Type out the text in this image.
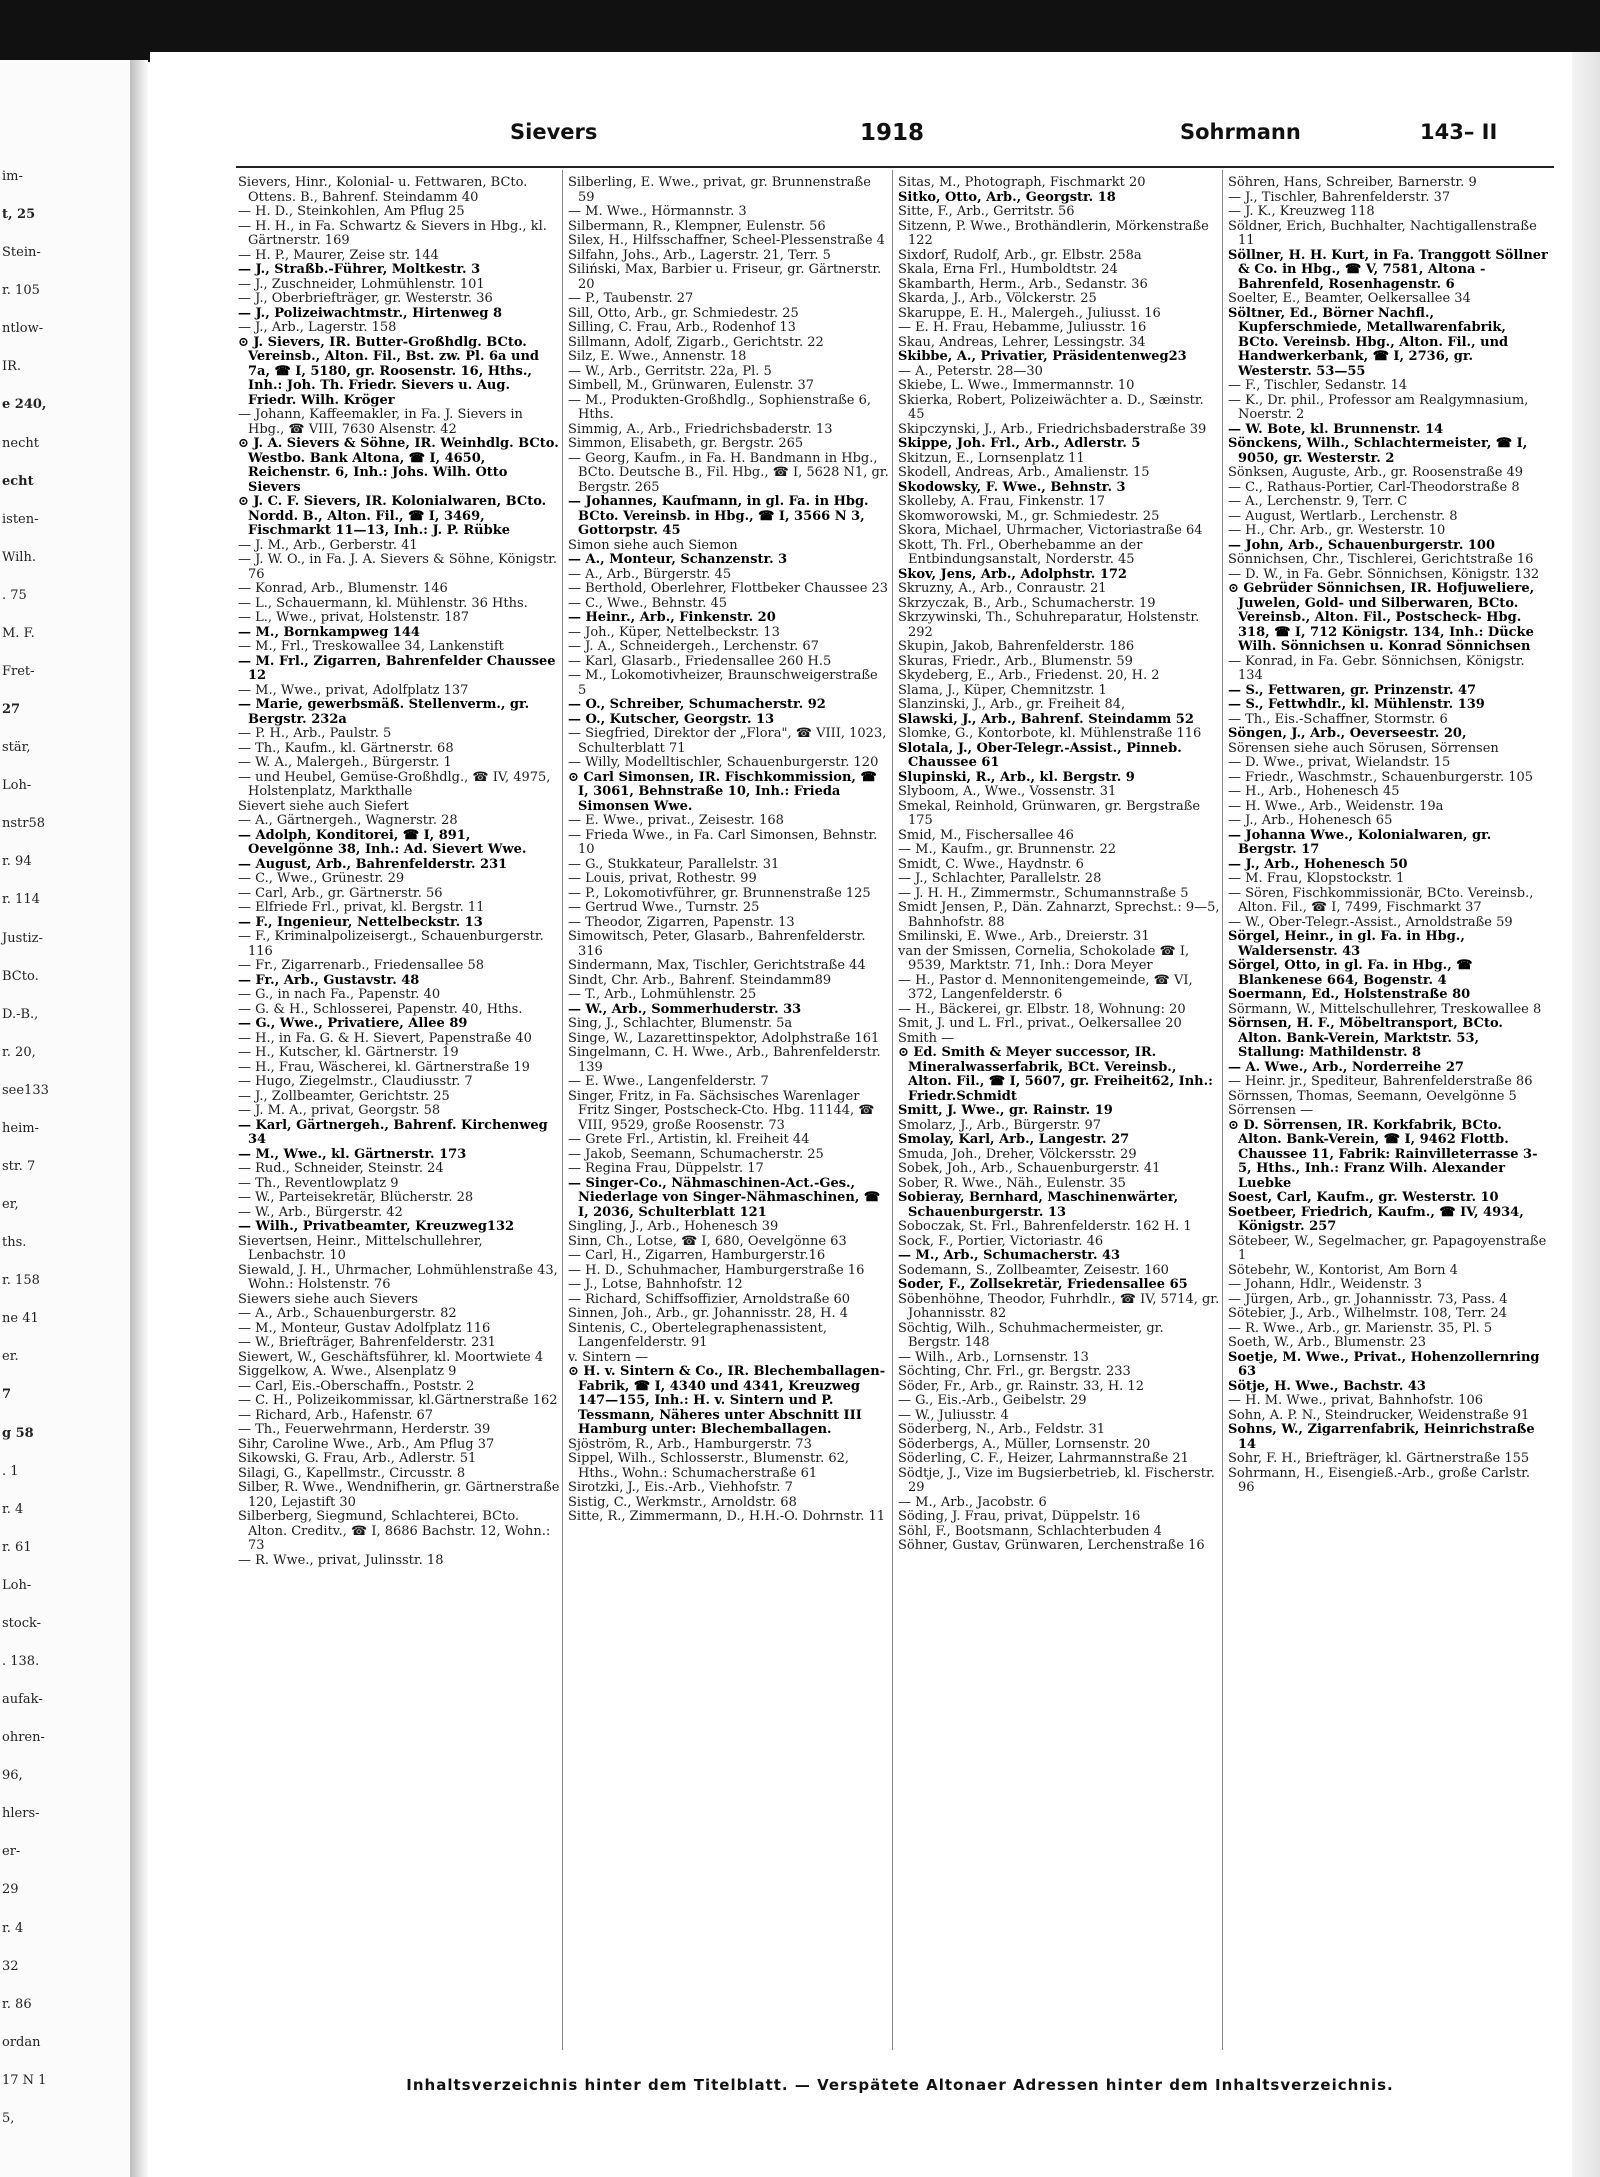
im-
t, 25
Stein-
r. 105
ntlow-
IR.
e 240,
necht
echt
isten-
Wilh.
. 75
M. F.
Fret-
27
stär,
Loh-
nstr58
r. 94
r. 114
Justiz-
BCto.
D.-B.,
r. 20,
see133
heim-
str. 7
er,
ths.
r. 158
ne 41
er.
7
g 58
. 1
r. 4
r. 61
Loh-
stock-
. 138.
aufak-
ohren-
96,
hlers-
er-
29
r. 4
32
r. 86
ordan
17 N 1
5,
Sievers	1918	Sohrmann	143– II
Sievers, Hinr., Kolonial- u. Fettwaren, BCto. Ottens. B., Bahrenf. Steindamm 40
— H. D., Steinkohlen, Am Pflug 25
— H. H., in Fa. Schwartz & Sievers in Hbg., kl. Gärtnerstr. 169
— H. P., Maurer, Zeise str. 144
— J., Straßb.-Führer, Moltkestr. 3
— J., Zuschneider, Lohmühlenstr. 101
— J., Oberbriefträger, gr. Westerstr. 36
— J., Polizeiwachtmstr., Hirtenweg 8
— J., Arb., Lagerstr. 158
⊙ J. Sievers, IR. Butter-Großhdlg. BCto. Vereinsb., Alton. Fil., Bst. zw. Pl. 6a und 7a, ☎ I, 5180, gr. Roosenstr. 16, Hths., Inh.: Joh. Th. Friedr. Sievers u. Aug. Friedr. Wilh. Kröger
— Johann, Kaffeemakler, in Fa. J. Sievers in Hbg., ☎ VIII, 7630 Alsenstr. 42
⊙ J. A. Sievers & Söhne, IR. Weinhdlg. BCto. Westbo. Bank Altona, ☎ I, 4650, Reichenstr. 6, Inh.: Johs. Wilh. Otto Sievers
⊙ J. C. F. Sievers, IR. Kolonialwaren, BCto. Nordd. B., Alton. Fil., ☎ I, 3469, Fischmarkt 11—13, Inh.: J. P. Rübke
— J. M., Arb., Gerberstr. 41
— J. W. O., in Fa. J. A. Sievers & Söhne, Königstr. 76
— Konrad, Arb., Blumenstr. 146
— L., Schauermann, kl. Mühlenstr. 36 Hths.
— L., Wwe., privat, Holstenstr. 187
— M., Bornkampweg 144
— M., Frl., Treskowallee 34, Lankenstift
— M. Frl., Zigarren, Bahrenfelder Chaussee 12
— M., Wwe., privat, Adolfplatz 137
— Marie, gewerbsmäß. Stellenverm., gr. Bergstr. 232a
— P. H., Arb., Paulstr. 5
— Th., Kaufm., kl. Gärtnerstr. 68
— W. A., Malergeh., Bürgerstr. 1
— und Heubel, Gemüse-Großhdlg., ☎ IV, 4975, Holstenplatz, Markthalle
Sievert siehe auch Siefert
— A., Gärtnergeh., Wagnerstr. 28
— Adolph, Konditorei, ☎ I, 891, Oevelgönne 38, Inh.: Ad. Sievert Wwe.
— August, Arb., Bahrenfelderstr. 231
— C., Wwe., Grünestr. 29
— Carl, Arb., gr. Gärtnerstr. 56
— Elfriede Frl., privat, kl. Bergstr. 11
— F., Ingenieur, Nettelbeckstr. 13
— F., Kriminalpolizeisergt., Schauenburgerstr. 116
— Fr., Zigarrenarb., Friedensallee 58
— Fr., Arb., Gustavstr. 48
— G., in nach Fa., Papenstr. 40
— G. & H., Schlosserei, Papenstr. 40, Hths.
— G., Wwe., Privatiere, Allee 89
— H., in Fa. G. & H. Sievert, Papenstraße 40
— H., Kutscher, kl. Gärtnerstr. 19
— H., Frau, Wäscherei, kl. Gärtnerstraße 19
— Hugo, Ziegelmstr., Claudiusstr. 7
— J., Zollbeamter, Gerichtstr. 25
— J. M. A., privat, Georgstr. 58
— Karl, Gärtnergeh., Bahrenf. Kirchenweg 34
— M., Wwe., kl. Gärtnerstr. 173
— Rud., Schneider, Steinstr. 24
— Th., Reventlowplatz 9
— W., Parteisekretär, Blücherstr. 28
— W., Arb., Bürgerstr. 42
— Wilh., Privatbeamter, Kreuzweg132
Sievertsen, Heinr., Mittelschullehrer, Lenbachstr. 10
Siewald, J. H., Uhrmacher, Lohmühlenstraße 43, Wohn.: Holstenstr. 76
Siewers siehe auch Sievers
— A., Arb., Schauenburgerstr. 82
— M., Monteur, Gustav Adolfplatz 116
— W., Briefträger, Bahrenfelderstr. 231
Siewert, W., Geschäftsführer, kl. Moortwiete 4
Siggelkow, A. Wwe., Alsenplatz 9
— Carl, Eis.-Oberschaffn., Poststr. 2
— C. H., Polizeikommissar, kl.Gärtnerstraße 162
— Richard, Arb., Hafenstr. 67
— Th., Feuerwehrmann, Herderstr. 39
Sihr, Caroline Wwe., Arb., Am Pflug 37
Sikowski, G. Frau, Arb., Adlerstr. 51
Silagi, G., Kapellmstr., Circusstr. 8
Silber, R. Wwe., Wendnifherin, gr. Gärtnerstraße 120, Lejastift 30
Silberberg, Siegmund, Schlachterei, BCto. Alton. Creditv., ☎ I, 8686 Bachstr. 12, Wohn.: 73
— R. Wwe., privat, Julinsstr. 18
Silberling, E. Wwe., privat, gr. Brunnenstraße 59
— M. Wwe., Hörmannstr. 3
Silbermann, R., Klempner, Eulenstr. 56
Silex, H., Hilfsschaffner, Scheel-Plessenstraße 4
Silfahn, Johs., Arb., Lagerstr. 21, Terr. 5
Siliński, Max, Barbier u. Friseur, gr. Gärtnerstr. 20
— P., Taubenstr. 27
Sill, Otto, Arb., gr. Schmiedestr. 25
Silling, C. Frau, Arb., Rodenhof 13
Sillmann, Adolf, Zigarb., Gerichtstr. 22
Silz, E. Wwe., Annenstr. 18
— W., Arb., Gerritstr. 22a, Pl. 5
Simbell, M., Grünwaren, Eulenstr. 37
— M., Produkten-Großhdlg., Sophienstraße 6, Hths.
Simmig, A., Arb., Friedrichsbaderstr. 13
Simmon, Elisabeth, gr. Bergstr. 265
— Georg, Kaufm., in Fa. H. Bandmann in Hbg., BCto. Deutsche B., Fil. Hbg., ☎ I, 5628 N1, gr. Bergstr. 265
— Johannes, Kaufmann, in gl. Fa. in Hbg. BCto. Vereinsb. in Hbg., ☎ I, 3566 N 3, Gottorpstr. 45
Simon siehe auch Siemon
— A., Monteur, Schanzenstr. 3
— A., Arb., Bürgerstr. 45
— Berthold, Oberlehrer, Flottbeker Chaussee 23
— C., Wwe., Behnstr. 45
— Heinr., Arb., Finkenstr. 20
— Joh., Küper, Nettelbeckstr. 13
— J. A., Schneidergeh., Lerchenstr. 67
— Karl, Glasarb., Friedensallee 260 H.5
— M., Lokomotivheizer, Braunschweigerstraße 5
— O., Schreiber, Schumacherstr. 92
— O., Kutscher, Georgstr. 13
— Siegfried, Direktor der „Flora", ☎ VIII, 1023, Schulterblatt 71
— Willy, Modelltischler, Schauenburgerstr. 120
⊙ Carl Simonsen, IR. Fischkommission, ☎ I, 3061, Behnstraße 10, Inh.: Frieda Simonsen Wwe.
— E. Wwe., privat., Zeisestr. 168
— Frieda Wwe., in Fa. Carl Simonsen, Behnstr. 10
— G., Stukkateur, Parallelstr. 31
— Louis, privat, Rothestr. 99
— P., Lokomotivführer, gr. Brunnenstraße 125
— Gertrud Wwe., Turnstr. 25
— Theodor, Zigarren, Papenstr. 13
Simowitsch, Peter, Glasarb., Bahrenfelderstr. 316
Sindermann, Max, Tischler, Gerichtstraße 44
Sindt, Chr. Arb., Bahrenf. Steindamm89
— T., Arb., Lohmühlenstr. 25
— W., Arb., Sommerhuderstr. 33
Sing, J., Schlachter, Blumenstr. 5a
Singe, W., Lazarettinspektor, Adolphstraße 161
Singelmann, C. H. Wwe., Arb., Bahrenfelderstr. 139
— E. Wwe., Langenfelderstr. 7
Singer, Fritz, in Fa. Sächsisches Warenlager Fritz Singer, Postscheck-Cto. Hbg. 11144, ☎ VIII, 9529, große Roosenstr. 73
— Grete Frl., Artistin, kl. Freiheit 44
— Jakob, Seemann, Schumacherstr. 25
— Regina Frau, Düppelstr. 17
— Singer-Co., Nähmaschinen-Act.-Ges., Niederlage von Singer-Nähmaschinen, ☎ I, 2036, Schulterblatt 121
Singling, J., Arb., Hohenesch 39
Sinn, Ch., Lotse, ☎ I, 680, Oevelgönne 63
— Carl, H., Zigarren, Hamburgerstr.16
— H. D., Schuhmacher, Hamburgerstraße 16
— J., Lotse, Bahnhofstr. 12
— Richard, Schiffsoffizier, Arnoldstraße 60
Sinnen, Joh., Arb., gr. Johannisstr. 28, H. 4
Sintenis, C., Obertelegraphenassistent, Langenfelderstr. 91
v. Sintern —
⊙ H. v. Sintern & Co., IR. Blechemballagen-Fabrik, ☎ I, 4340 und 4341, Kreuzweg 147—155, Inh.: H. v. Sintern und P. Tessmann, Näheres unter Abschnitt III Hamburg unter: Blechemballagen.
Sjöström, R., Arb., Hamburgerstr. 73
Sippel, Wilh., Schlosserstr., Blumenstr. 62, Hths., Wohn.: Schumacherstraße 61
Sirotzki, J., Eis.-Arb., Viehhofstr. 7
Sistig, C., Werkmstr., Arnoldstr. 68
Sitte, R., Zimmermann, D., H.H.-O. Dohrnstr. 11
Sitas, M., Photograph, Fischmarkt 20
Sitko, Otto, Arb., Georgstr. 18
Sitte, F., Arb., Gerritstr. 56
Sitzenn, P. Wwe., Brothändlerin, Mörkenstraße 122
Sixdorf, Rudolf, Arb., gr. Elbstr. 258a
Skala, Erna Frl., Humboldtstr. 24
Skambarth, Herm., Arb., Sedanstr. 36
Skarda, J., Arb., Völckerstr. 25
Skaruppe, E. H., Malergeh., Juliusst. 16
— E. H. Frau, Hebamme, Juliusstr. 16
Skau, Andreas, Lehrer, Lessingstr. 34
Skibbe, A., Privatier, Präsidentenweg23
— A., Peterstr. 28—30
Skiebe, L. Wwe., Immermannstr. 10
Skierka, Robert, Polizeiwächter a. D., Sæinstr. 45
Skipczynski, J., Arb., Friedrichsbaderstraße 39
Skippe, Joh. Frl., Arb., Adlerstr. 5
Skitzun, E., Lornsenplatz 11
Skodell, Andreas, Arb., Amalienstr. 15
Skodowsky, F. Wwe., Behnstr. 3
Skolleby, A. Frau, Finkenstr. 17
Skomworowski, M., gr. Schmiedestr. 25
Skora, Michael, Uhrmacher, Victoriastraße 64
Skott, Th. Frl., Oberhebamme an der Entbindungsanstalt, Norderstr. 45
Skov, Jens, Arb., Adolphstr. 172
Skruzny, A., Arb., Conraustr. 21
Skrzyczak, B., Arb., Schumacherstr. 19
Skrzywinski, Th., Schuhreparatur, Holstenstr. 292
Skupin, Jakob, Bahrenfelderstr. 186
Skuras, Friedr., Arb., Blumenstr. 59
Skydeberg, E., Arb., Friedenst. 20, H. 2
Slama, J., Küper, Chemnitzstr. 1
Slanzinski, J., Arb., gr. Freiheit 84,
Slawski, J., Arb., Bahrenf. Steindamm 52
Slomke, G., Kontorbote, kl. Mühlenstraße 116
Slotala, J., Ober-Telegr.-Assist., Pinneb. Chaussee 61
Slupinski, R., Arb., kl. Bergstr. 9
Slyboom, A., Wwe., Vossenstr. 31
Smekal, Reinhold, Grünwaren, gr. Bergstraße 175
Smid, M., Fischersallee 46
— M., Kaufm., gr. Brunnenstr. 22
Smidt, C. Wwe., Haydnstr. 6
— J., Schlachter, Parallelstr. 28
— J. H. H., Zimmermstr., Schumannstraße 5
Smidt Jensen, P., Dän. Zahnarzt, Sprechst.: 9—5, Bahnhofstr. 88
Smilinski, E. Wwe., Arb., Dreierstr. 31
van der Smissen, Cornelia, Schokolade ☎ I, 9539, Marktstr. 71, Inh.: Dora Meyer
— H., Pastor d. Mennonitengemeinde, ☎ VI, 372, Langenfelderstr. 6
— H., Bäckerei, gr. Elbstr. 18, Wohnung: 20
Smit, J. und L. Frl., privat., Oelkersallee 20
Smith —
⊙ Ed. Smith & Meyer successor, IR. Mineralwasserfabrik, BCt. Vereinsb., Alton. Fil., ☎ I, 5607, gr. Freiheit62, Inh.: Friedr.Schmidt
Smitt, J. Wwe., gr. Rainstr. 19
Smolarz, J., Arb., Bürgerstr. 97
Smolay, Karl, Arb., Langestr. 27
Smuda, Joh., Dreher, Völckersstr. 29
Sobek, Joh., Arb., Schauenburgerstr. 41
Sober, R. Wwe., Näh., Eulenstr. 35
Sobieray, Bernhard, Maschinenwärter, Schauenburgerstr. 13
Soboczak, St. Frl., Bahrenfelderstr. 162 H. 1
Sock, F., Portier, Victoriastr. 46
— M., Arb., Schumacherstr. 43
Sodemann, S., Zollbeamter, Zeisestr. 160
Soder, F., Zollsekretär, Friedensallee 65
Söbenhöhne, Theodor, Fuhrhdlr., ☎ IV, 5714, gr. Johannisstr. 82
Söchtig, Wilh., Schuhmachermeister, gr. Bergstr. 148
— Wilh., Arb., Lornsenstr. 13
Söchting, Chr. Frl., gr. Bergstr. 233
Söder, Fr., Arb., gr. Rainstr. 33, H. 12
— G., Eis.-Arb., Geibelstr. 29
— W., Juliusstr. 4
Söderberg, N., Arb., Feldstr. 31
Söderbergs, A., Müller, Lornsenstr. 20
Söderling, C. F., Heizer, Lahrmannstraße 21
Södtje, J., Vize im Bugsierbetrieb, kl. Fischerstr. 29
— M., Arb., Jacobstr. 6
Söding, J. Frau, privat, Düppelstr. 16
Söhl, F., Bootsmann, Schlachterbuden 4
Söhner, Gustav, Grünwaren, Lerchenstraße 16
Söhren, Hans, Schreiber, Barnerstr. 9
— J., Tischler, Bahrenfelderstr. 37
— J. K., Kreuzweg 118
Söldner, Erich, Buchhalter, Nachtigallenstraße 11
Söllner, H. H. Kurt, in Fa. Tranggott Söllner & Co. in Hbg., ☎ V, 7581, Altona - Bahrenfeld, Rosenhagenstr. 6
Soelter, E., Beamter, Oelkersallee 34
Söltner, Ed., Börner Nachfl., Kupferschmiede, Metallwarenfabrik, BCto. Vereinsb. Hbg., Alton. Fil., und Handwerkerbank, ☎ I, 2736, gr. Westerstr. 53—55
— F., Tischler, Sedanstr. 14
— K., Dr. phil., Professor am Realgymnasium, Noerstr. 2
— W. Bote, kl. Brunnenstr. 14
Sönckens, Wilh., Schlachtermeister, ☎ I, 9050, gr. Westerstr. 2
Sönksen, Auguste, Arb., gr. Roosenstraße 49
— C., Rathaus-Portier, Carl-Theodorstraße 8
— A., Lerchenstr. 9, Terr. C
— August, Wertlarb., Lerchenstr. 8
— H., Chr. Arb., gr. Westerstr. 10
— John, Arb., Schauenburgerstr. 100
Sönnichsen, Chr., Tischlerei, Gerichtstraße 16
— D. W., in Fa. Gebr. Sönnichsen, Königstr. 132
⊙ Gebrüder Sönnichsen, IR. Hofjuweliere, Juwelen, Gold- und Silberwaren, BCto. Vereinsb., Alton. Fil., Postscheck- Hbg. 318, ☎ I, 712 Königstr. 134, Inh.: Dücke Wilh. Sönnichsen u. Konrad Sönnichsen
— Konrad, in Fa. Gebr. Sönnichsen, Königstr. 134
— S., Fettwaren, gr. Prinzenstr. 47
— S., Fettwhdlr., kl. Mühlenstr. 139
— Th., Eis.-Schaffner, Stormstr. 6
Söngen, J., Arb., Oeverseestr. 20,
Sörensen siehe auch Sörusen, Sörrensen
— D. Wwe., privat, Wielandstr. 15
— Friedr., Waschmstr., Schauenburgerstr. 105
— H., Arb., Hohenesch 45
— H. Wwe., Arb., Weidenstr. 19a
— J., Arb., Hohenesch 65
— Johanna Wwe., Kolonialwaren, gr. Bergstr. 17
— J., Arb., Hohenesch 50
— M. Frau, Klopstockstr. 1
— Sören, Fischkommissionär, BCto. Vereinsb., Alton. Fil., ☎ I, 7499, Fischmarkt 37
— W., Ober-Telegr.-Assist., Arnoldstraße 59
Sörgel, Heinr., in gl. Fa. in Hbg., Waldersenstr. 43
Sörgel, Otto, in gl. Fa. in Hbg., ☎ Blankenese 664, Bogenstr. 4
Soermann, Ed., Holstenstraße 80
Sörmann, W., Mittelschullehrer, Treskowallee 8
Sörnsen, H. F., Möbeltransport, BCto. Alton. Bank-Verein, Marktstr. 53, Stallung: Mathildenstr. 8
— A. Wwe., Arb., Norderreihe 27
— Heinr. jr., Spediteur, Bahrenfelderstraße 86
Sörnssen, Thomas, Seemann, Oevelgönne 5
Sörrensen —
⊙ D. Sörrensen, IR. Korkfabrik, BCto. Alton. Bank-Verein, ☎ I, 9462 Flottb. Chaussee 11, Fabrik: Rainvilleterrasse 3-5, Hths., Inh.: Franz Wilh. Alexander Luebke
Soest, Carl, Kaufm., gr. Westerstr. 10
Soetbeer, Friedrich, Kaufm., ☎ IV, 4934, Königstr. 257
Sötebeer, W., Segelmacher, gr. Papagoyenstraße 1
Sötebehr, W., Kontorist, Am Born 4
— Johann, Hdlr., Weidenstr. 3
— Jürgen, Arb., gr. Johannisstr. 73, Pass. 4
Sötebier, J., Arb., Wilhelmstr. 108, Terr. 24
— R. Wwe., Arb., gr. Marienstr. 35, Pl. 5
Soeth, W., Arb., Blumenstr. 23
Soetje, M. Wwe., Privat., Hohenzollernring 63
Sötje, H. Wwe., Bachstr. 43
— H. M. Wwe., privat, Bahnhofstr. 106
Sohn, A. P. N., Steindrucker, Weidenstraße 91
Sohns, W., Zigarrenfabrik, Heinrichstraße 14
Sohr, F. H., Briefträger, kl. Gärtnerstraße 155
Sohrmann, H., Eisengieß.-Arb., große Carlstr. 96
Inhaltsverzeichnis hinter dem Titelblatt. — Verspätete Altonaer Adressen hinter dem Inhaltsverzeichnis.
